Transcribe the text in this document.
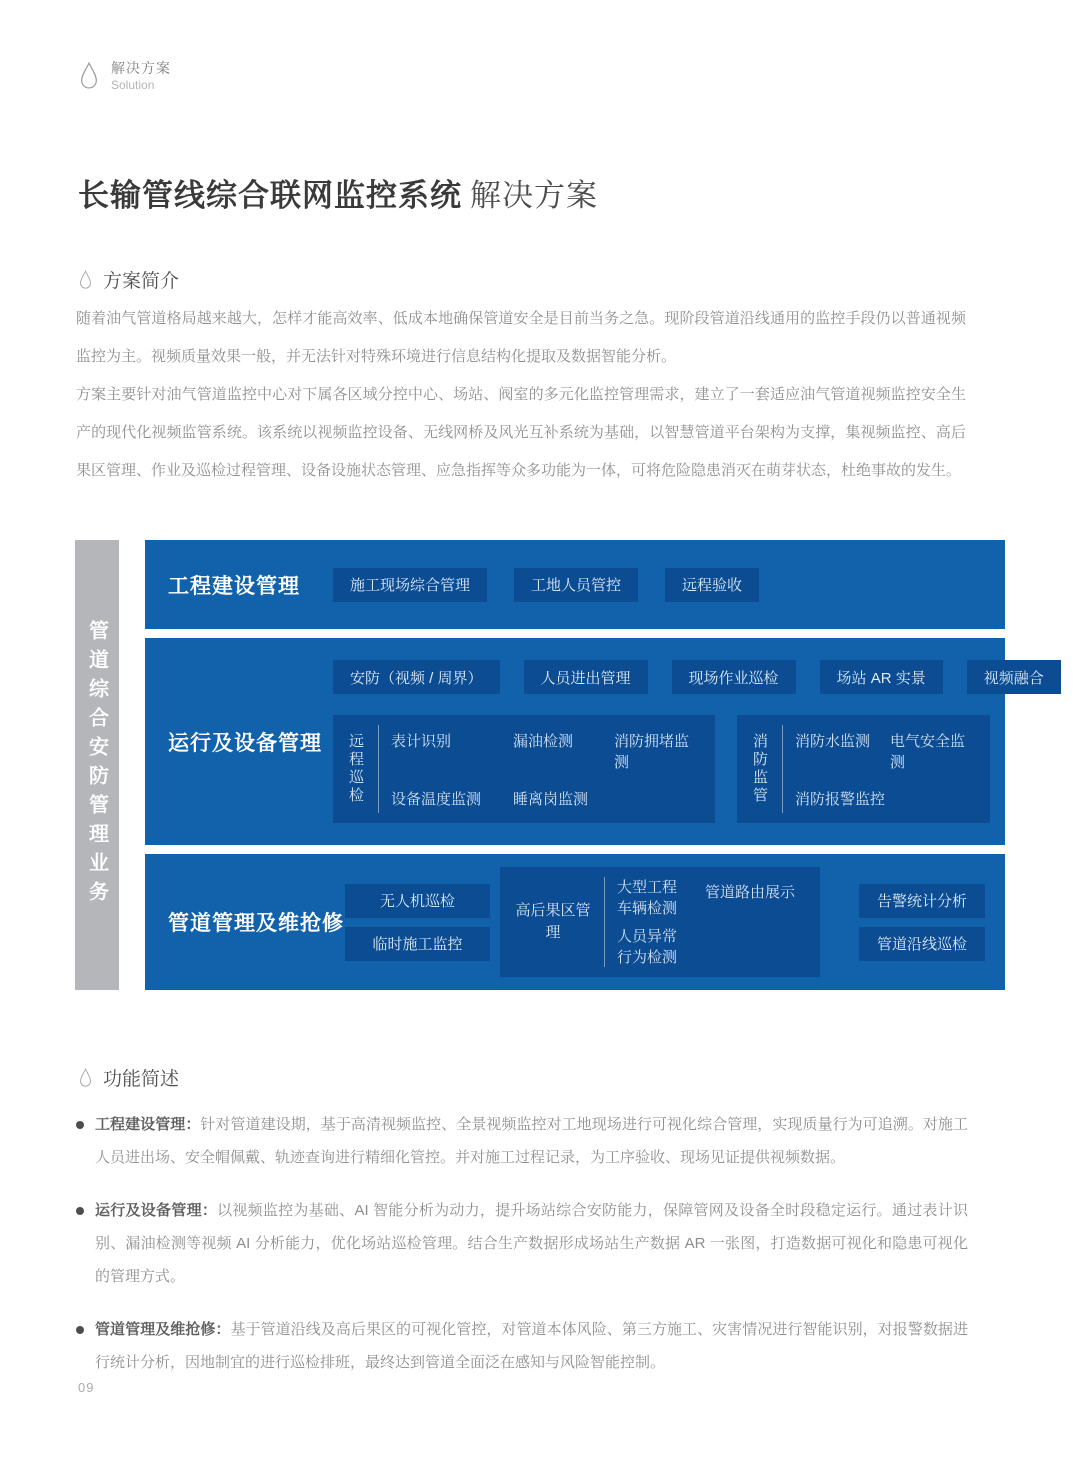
解决方案
Solution
长输管线综合联网监控系统 解决方案
方案简介

随着油气管道格局越来越大，怎样才能高效率、低成本地确保管道安全是目前当务之急。现阶段管道沿线通用的监控手段仍以普通视频监控为主。视频质量效果一般，并无法针对特殊环境进行信息结构化提取及数据智能分析。

方案主要针对油气管道监控中心对下属各区域分控中心、场站、阀室的多元化监控管理需求，建立了一套适应油气管道视频监控安全生产的现代化视频监管系统。该系统以视频监控设备、无线网桥及风光互补系统为基础，以智慧管道平台架构为支撑，集视频监控、高后果区管理、作业及巡检过程管理、设备设施状态管理、应急指挥等众多功能为一体，可将危险隐患消灭在萌芽状态，杜绝事故的发生。

管道综合安防管理业务
工程建设管理	施工现场综合管理	工地人员管控	远程验收
运行及设备管理
安防（视频 / 周界）	人员进出管理	现场作业巡检	场站 AR 实景	视频融合
远程巡检 表计识别	漏油检测	消防拥堵监测
设备温度监测	睡离岗监测	消防监管 消防水监测	电气安全监测
消防报警监控
管道管理及维抢修
无人机巡检
临时施工监控
高后果区管理
大型工程车辆检测
人员异常行为检测
管道路由展示
告警统计分析
管道沿线巡检
功能简述

工程建设管理：针对管道建设期，基于高清视频监控、全景视频监控对工地现场进行可视化综合管理，实现质量行为可追溯。对施工人员进出场、安全帽佩戴、轨迹查询进行精细化管控。并对施工过程记录，为工序验收、现场见证提供视频数据。

运行及设备管理：以视频监控为基础、AI 智能分析为动力，提升场站综合安防能力，保障管网及设备全时段稳定运行。通过表计识别、漏油检测等视频 AI 分析能力，优化场站巡检管理。结合生产数据形成场站生产数据 AR 一张图，打造数据可视化和隐患可视化的管理方式。

管道管理及维抢修：基于管道沿线及高后果区的可视化管控，对管道本体风险、第三方施工、灾害情况进行智能识别，对报警数据进行统计分析，因地制宜的进行巡检排班，最终达到管道全面泛在感知与风险智能控制。

09
